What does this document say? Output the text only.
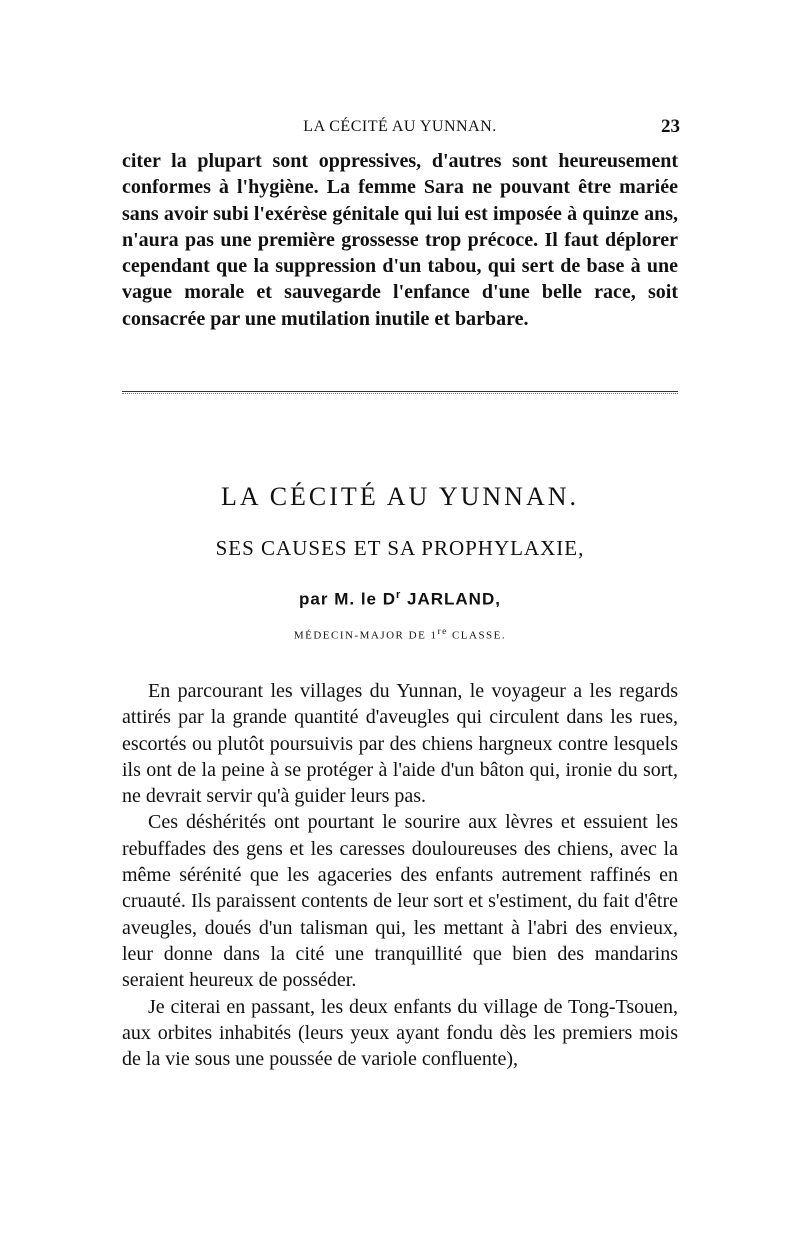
LA CÉCITÉ AU YUNNAN.	23

citer la plupart sont oppressives, d'autres sont heureusement conformes à l'hygiène. La femme Sara ne pouvant être mariée sans avoir subi l'exérèse génitale qui lui est imposée à quinze ans, n'aura pas une première grossesse trop précoce. Il faut déplorer cependant que la suppression d'un tabou, qui sert de base à une vague morale et sauvegarde l'enfance d'une belle race, soit consacrée par une mutilation inutile et barbare.

LA CÉCITÉ AU YUNNAN.
SES CAUSES ET SA PROPHYLAXIE,
par M. le $D^r$ JARLAND,
MÉDECIN-MAJOR DE 1re CLASSE.

En parcourant les villages du Yunnan, le voyageur a les regards attirés par la grande quantité d'aveugles qui circulent dans les rues, escortés ou plutôt poursuivis par des chiens hargneux contre lesquels ils ont de la peine à se protéger à l'aide d'un bâton qui, ironie du sort, ne devrait servir qu'à guider leurs pas.

Ces déshérités ont pourtant le sourire aux lèvres et essuient les rebuffades des gens et les caresses douloureuses des chiens, avec la même sérénité que les agaceries des enfants autrement raffinés en cruauté. Ils paraissent contents de leur sort et s'estiment, du fait d'être aveugles, doués d'un talisman qui, les mettant à l'abri des envieux, leur donne dans la cité une tranquillité que bien des mandarins seraient heureux de posséder.

Je citerai en passant, les deux enfants du village de Tong-Tsouen, aux orbites inhabités (leurs yeux ayant fondu dès les premiers mois de la vie sous une poussée de variole confluente),
